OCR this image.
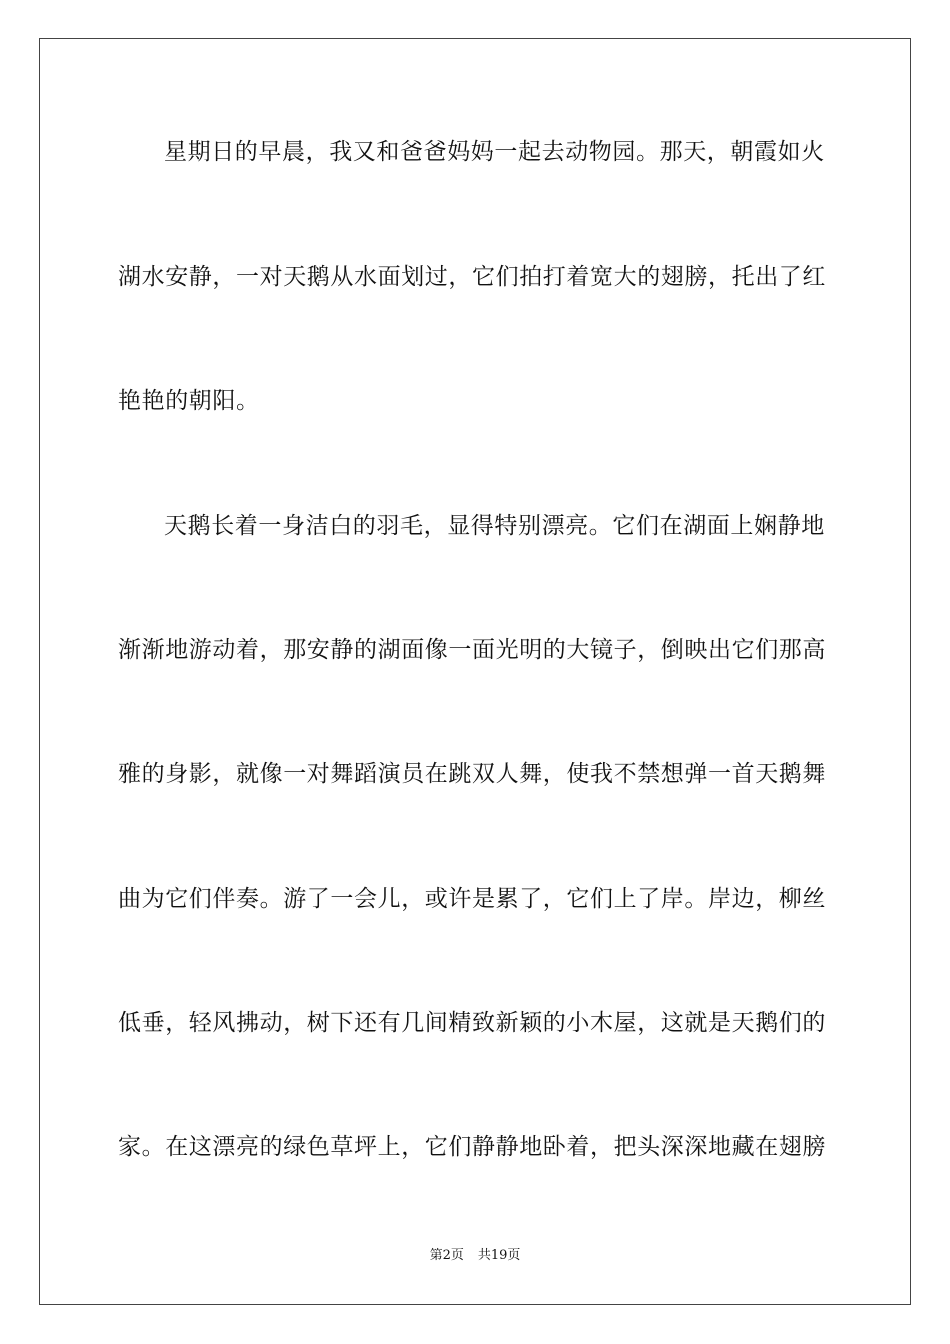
星期日的早晨，我又和爸爸妈妈一起去动物园。那天，朝霞如火
湖水安静，一对天鹅从水面划过，它们拍打着宽大的翅膀，托出了红
艳艳的朝阳。
天鹅长着一身洁白的羽毛，显得特别漂亮。它们在湖面上娴静地
渐渐地游动着，那安静的湖面像一面光明的大镜子，倒映出它们那高
雅的身影，就像一对舞蹈演员在跳双人舞，使我不禁想弹一首天鹅舞
曲为它们伴奏。游了一会儿，或许是累了，它们上了岸。岸边，柳丝
低垂，轻风拂动，树下还有几间精致新颖的小木屋，这就是天鹅们的
家。在这漂亮的绿色草坪上，它们静静地卧着，把头深深地藏在翅膀
第2页 共19页
